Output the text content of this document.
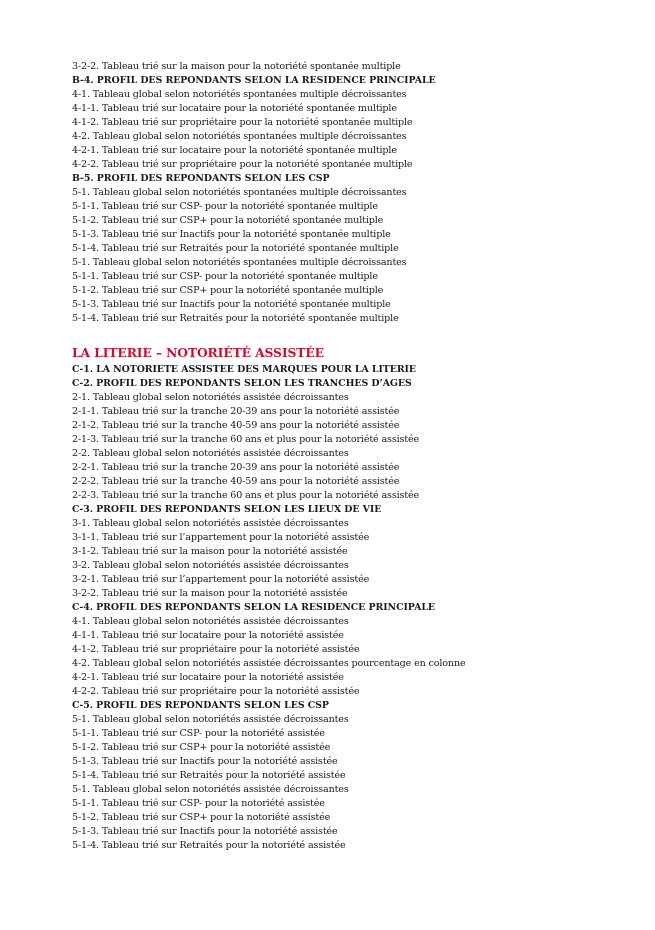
3-2-2. Tableau trié sur la maison pour la notoriété spontanée multiple
B-4. PROFIL DES REPONDANTS SELON LA RESIDENCE PRINCIPALE
4-1. Tableau global selon notoriétés spontanées multiple décroissantes
4-1-1. Tableau trié sur locataire pour la notoriété spontanée multiple
4-1-2. Tableau trié sur propriétaire pour la notoriété spontanée multiple
4-2. Tableau global selon notoriétés spontanées multiple décroissantes
4-2-1. Tableau trié sur locataire pour la notoriété spontanée multiple
4-2-2. Tableau trié sur propriétaire pour la notoriété spontanée multiple
B-5. PROFIL DES REPONDANTS SELON LES CSP
5-1. Tableau global selon notoriétés spontanées multiple décroissantes
5-1-1. Tableau trié sur CSP- pour la notoriété spontanée multiple
5-1-2. Tableau trié sur CSP+ pour la notoriété spontanée multiple
5-1-3. Tableau trié sur Inactifs pour la notoriété spontanée multiple
5-1-4. Tableau trié sur Retraités pour la notoriété spontanée multiple
5-1. Tableau global selon notoriétés spontanées multiple décroissantes
5-1-1. Tableau trié sur CSP- pour la notoriété spontanée multiple
5-1-2. Tableau trié sur CSP+ pour la notoriété spontanée multiple
5-1-3. Tableau trié sur Inactifs pour la notoriété spontanée multiple
5-1-4. Tableau trié sur Retraités pour la notoriété spontanée multiple
LA LITERIE – NOTORIÉTÉ ASSISTÉE
C-1. LA NOTORIETE ASSISTEE DES MARQUES POUR LA LITERIE
C-2. PROFIL DES REPONDANTS SELON LES TRANCHES D’AGES
2-1. Tableau global selon notoriétés assistée décroissantes
2-1-1. Tableau trié sur la tranche 20-39 ans pour la notoriété assistée
2-1-2. Tableau trié sur la tranche 40-59 ans pour la notoriété assistée
2-1-3. Tableau trié sur la tranche 60 ans et plus pour la notoriété assistée
2-2. Tableau global selon notoriétés assistée décroissantes
2-2-1. Tableau trié sur la tranche 20-39 ans pour la notoriété assistée
2-2-2. Tableau trié sur la tranche 40-59 ans pour la notoriété assistée
2-2-3. Tableau trié sur la tranche 60 ans et plus pour la notoriété assistée
C-3. PROFIL DES REPONDANTS SELON LES LIEUX DE VIE
3-1. Tableau global selon notoriétés assistée décroissantes
3-1-1. Tableau trié sur l’appartement pour la notoriété assistée
3-1-2. Tableau trié sur la maison pour la notoriété assistée
3-2. Tableau global selon notoriétés assistée décroissantes
3-2-1. Tableau trié sur l’appartement pour la notoriété assistée
3-2-2. Tableau trié sur la maison pour la notoriété assistée
C-4. PROFIL DES REPONDANTS SELON LA RESIDENCE PRINCIPALE
4-1. Tableau global selon notoriétés assistée décroissantes
4-1-1. Tableau trié sur locataire pour la notoriété assistée
4-1-2. Tableau trié sur propriétaire pour la notoriété assistée
4-2. Tableau global selon notoriétés assistée décroissantes pourcentage en colonne
4-2-1. Tableau trié sur locataire pour la notoriété assistée
4-2-2. Tableau trié sur propriétaire pour la notoriété assistée
C-5. PROFIL DES REPONDANTS SELON LES CSP
5-1. Tableau global selon notoriétés assistée décroissantes
5-1-1. Tableau trié sur CSP- pour la notoriété assistée
5-1-2. Tableau trié sur CSP+ pour la notoriété assistée
5-1-3. Tableau trié sur Inactifs pour la notoriété assistée
5-1-4. Tableau trié sur Retraités pour la notoriété assistée
5-1. Tableau global selon notoriétés assistée décroissantes
5-1-1. Tableau trié sur CSP- pour la notoriété assistée
5-1-2. Tableau trié sur CSP+ pour la notoriété assistée
5-1-3. Tableau trié sur Inactifs pour la notoriété assistée
5-1-4. Tableau trié sur Retraités pour la notoriété assistée
